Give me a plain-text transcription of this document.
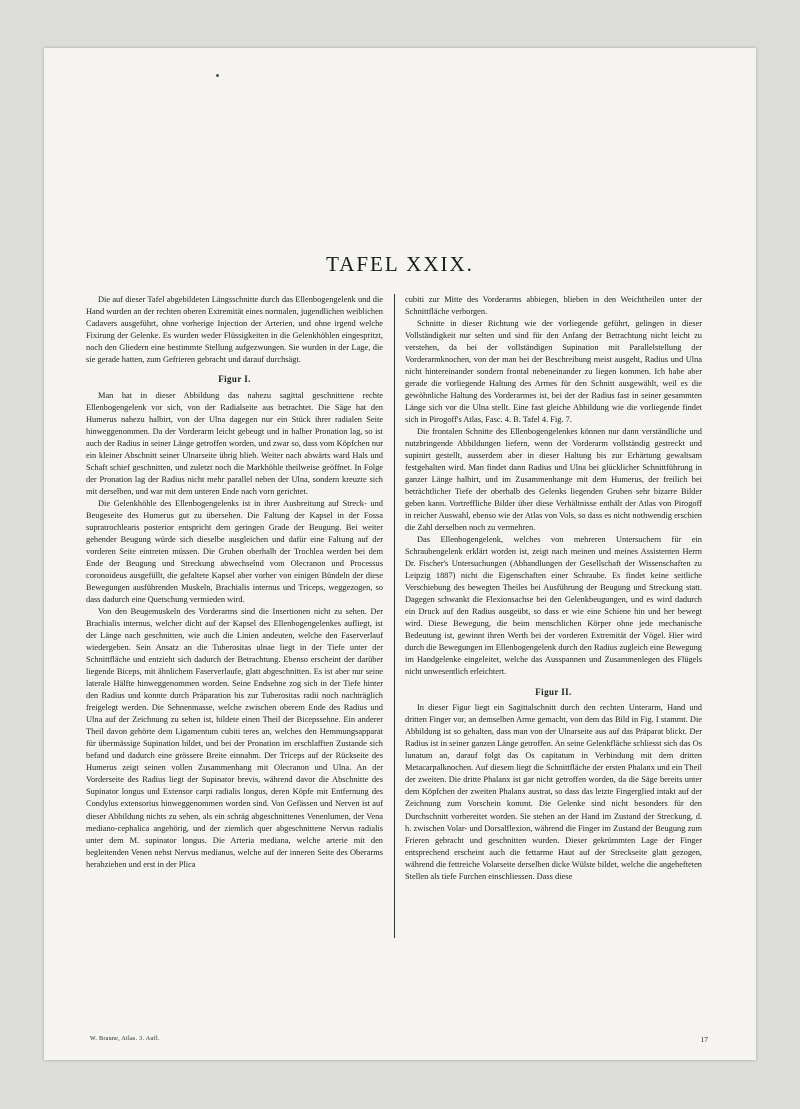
TAFEL XXIX.

Die auf dieser Tafel abgebildeten Längsschnitte durch das Ellenbogengelenk und die Hand wurden an der rechten oberen Extremität eines normalen, jugendlichen weiblichen Cadavers ausgeführt, ohne vorherige Injection der Arterien, und ohne irgend welche Fixirung der Gelenke. Es wurden weder Flüssigkeiten in die Gelenkhöhlen eingespritzt, noch den Gliedern eine bestimmte Stellung aufgezwungen. Sie wurden in der Lage, die sie gerade hatten, zum Gefrieren gebracht und darauf durchsägt.

Figur I.

Man hat in dieser Abbildung das nahezu sagittal geschnittene rechte Ellenbogengelenk vor sich, von der Radialseite aus betrachtet. Die Säge hat den Humerus nahezu halbirt, von der Ulna dagegen nur ein Stück ihrer radialen Seite hinweggenommen. Da der Vorderarm leicht gebeugt und in halber Pronation lag, so ist auch der Radius in seiner Länge getroffen worden, und zwar so, dass vom Köpfchen nur ein kleiner Abschnitt seiner Ulnarseite übrig blieb. Weiter nach abwärts ward Hals und Schaft schief geschnitten, und zuletzt noch die Markhöhle theilweise geöffnet. In Folge der Pronation lag der Radius nicht mehr parallel neben der Ulna, sondern kreuzte sich mit derselben, und war mit dem unteren Ende nach vorn gerichtet.

Die Gelenkhöhle des Ellenbogengelenks ist in ihrer Ausbreitung auf Streck- und Beugeseite des Humerus gut zu übersehen. Die Faltung der Kapsel in der Fossa supratrochlearis posterior entspricht dem geringen Grade der Beugung. Bei weiter gehender Beugung würde sich dieselbe ausgleichen und dafür eine Faltung auf der vorderen Seite eintreten müssen. Die Gruben oberhalb der Trochlea werden bei dem Ende der Beugung und Streckung abwechselnd vom Olecranon und Processus coronoideus ausgefüllt, die gefaltete Kapsel aber vorher von einigen Bündeln der diese Bewegungen ausführenden Muskeln, Brachialis internus und Triceps, weggezogen, so dass dadurch eine Quetschung vermieden wird.

Von den Beugemuskeln des Vorderarms sind die Insertionen nicht zu sehen. Der Brachialis internus, welcher dicht auf der Kapsel des Ellenbogengelenkes aufliegt, ist der Länge nach geschnitten, wie auch die Linien andeuten, welche den Faserverlauf wiedergeben. Sein Ansatz an die Tuberositas ulnae liegt in der Tiefe unter der Schnittfläche und entzieht sich dadurch der Betrachtung. Ebenso erscheint der darüber liegende Biceps, mit ähnlichem Faserverlaufe, glatt abgeschnitten. Es ist aber nur seine laterale Hälfte hinweggenommen worden. Seine Endsehne zog sich in der Tiefe hinter den Radius und konnte durch Präparation bis zur Tuberositas radii noch nachträglich freigelegt werden. Die Sehnenmasse, welche zwischen oberem Ende des Radius und Ulna auf der Zeichnung zu sehen ist, bildete einen Theil der Bicepssehne. Ein anderer Theil davon gehörte dem Ligamentum cubiti teres an, welches den Hemmungsapparat für übermässige Supination bildet, und bei der Pronation im erschlafften Zustande sich befand und dadurch eine grössere Breite einnahm. Der Triceps auf der Rückseite des Humerus zeigt seinen vollen Zusammenhang mit Olecranon und Ulna. An der Vorderseite des Radius liegt der Supinator brevis, während davor die Abschnitte des Supinator longus und Extensor carpi radialis longus, deren Köpfe mit Entfernung des Condylus extensorius hinweggenommen worden sind. Von Gefässen und Nerven ist auf dieser Abbildung nichts zu sehen, als ein schräg abgeschnittenes Venenlumen, der Vena mediano-cephalica angehörig, und der ziemlich quer abgeschnittene Nervus radialis unter dem M. supinator longus. Die Arteria mediana, welche arterie mit den begleitenden Venen nebst Nervus medianus, welche auf der inneren Seite des Oberarms herabziehen und erst in der Plica

cubiti zur Mitte des Vorderarms abbiegen, blieben in den Weichtheilen unter der Schnittfläche verborgen.

Schnitte in dieser Richtung wie der vorliegende geführt, gelingen in dieser Vollständigkeit nur selten und sind für den Anfang der Betrachtung nicht leicht zu verstehen, da bei der vollständigen Supination mit Parallelstellung der Vorderarmknochen, von der man bei der Beschreibung meist ausgeht, Radius und Ulna nicht hintereinander sondern frontal nebeneinander zu liegen kommen. Ich habe aber gerade die vorliegende Haltung des Armes für den Schnitt ausgewählt, weil es die gewöhnliche Haltung des Vorderarmes ist, bei der der Radius fast in seiner gesammten Länge sich vor die Ulna stellt. Eine fast gleiche Abbildung wie die vorliegende findet sich in Pirogoff's Atlas, Fasc. 4. B. Tafel 4. Fig. 7.

Die frontalen Schnitte des Ellenbogengelenkes können nur dann verständliche und nutzbringende Abbildungen liefern, wenn der Vorderarm vollständig gestreckt und supinirt gestellt, ausserdem aber in dieser Haltung bis zur Erhärtung gewaltsam festgehalten wird. Man findet dann Radius und Ulna bei glücklicher Schnittführung in ganzer Länge halbirt, und im Zusammenhange mit dem Humerus, der freilich bei beträchtlicher Tiefe der oberhalb des Gelenks liegenden Gruben sehr bizarre Bilder geben kann. Vortreffliche Bilder über diese Verhältnisse enthält der Atlas von Pirogoff in reicher Auswahl, ebenso wie der Atlas von Vols, so dass es nicht nothwendig erschien die Zahl derselben noch zu vermehren.

Das Ellenbogengelenk, welches von mehreren Untersuchern für ein Schraubengelenk erklärt worden ist, zeigt nach meinen und meines Assistenten Herrn Dr. Fischer's Untersuchungen (Abhandlungen der Gesellschaft der Wissenschaften zu Leipzig 1887) nicht die Eigenschaften einer Schraube. Es findet keine seitliche Verschiebung des bewegten Theiles bei Ausführung der Beugung und Streckung statt. Dagegen schwankt die Flexionsachse bei den Gelenkbeugungen, und es wird dadurch ein Druck auf den Radius ausgeübt, so dass er wie eine Schiene hin und her bewegt wird. Diese Bewegung, die beim menschlichen Körper ohne jede mechanische Bedeutung ist, gewinnt ihren Werth bei der vorderen Extremität der Vögel. Hier wird durch die Bewegungen im Ellenbogengelenk durch den Radius zugleich eine Bewegung im Handgelenke eingeleitet, welche das Ausspannen und Zusammenlegen des Flügels nicht unwesentlich erleichtert.

Figur II.

In dieser Figur liegt ein Sagittalschnitt durch den rechten Unterarm, Hand und dritten Finger vor, an demselben Arme gemacht, von dem das Bild in Fig. I stammt. Die Abbildung ist so gehalten, dass man von der Ulnarseite aus auf das Präparat blickt. Der Radius ist in seiner ganzen Länge getroffen. An seine Gelenkfläche schliesst sich das Os lunatum an, darauf folgt das Os capitatum in Verbindung mit dem dritten Metacarpalknochen. Auf diesem liegt die Schnittfläche der ersten Phalanx und ein Theil der zweiten. Die dritte Phalanx ist gar nicht getroffen worden, da die Säge bereits unter dem Köpfchen der zweiten Phalanx austrat, so dass das letzte Fingerglied intakt auf der Zeichnung zum Vorschein kommt. Die Gelenke sind nicht besonders für den Durchschnitt vorbereitet worden. Sie stehen an der Hand im Zustand der Streckung, d. h. zwischen Volar- und Dorsalflexion, während die Finger im Zustand der Beugung zum Frieren gebracht und geschnitten wurden. Dieser gekrümmten Lage der Finger entsprechend erscheint auch die fettarme Haut auf der Streckseite glatt gezogen, während die fettreiche Volarseite derselben dicke Wülste bildet, welche die angehefteten Stellen als tiefe Furchen einschliessen. Dass diese

W. Braune, Atlas. 3. Aufl.	17
